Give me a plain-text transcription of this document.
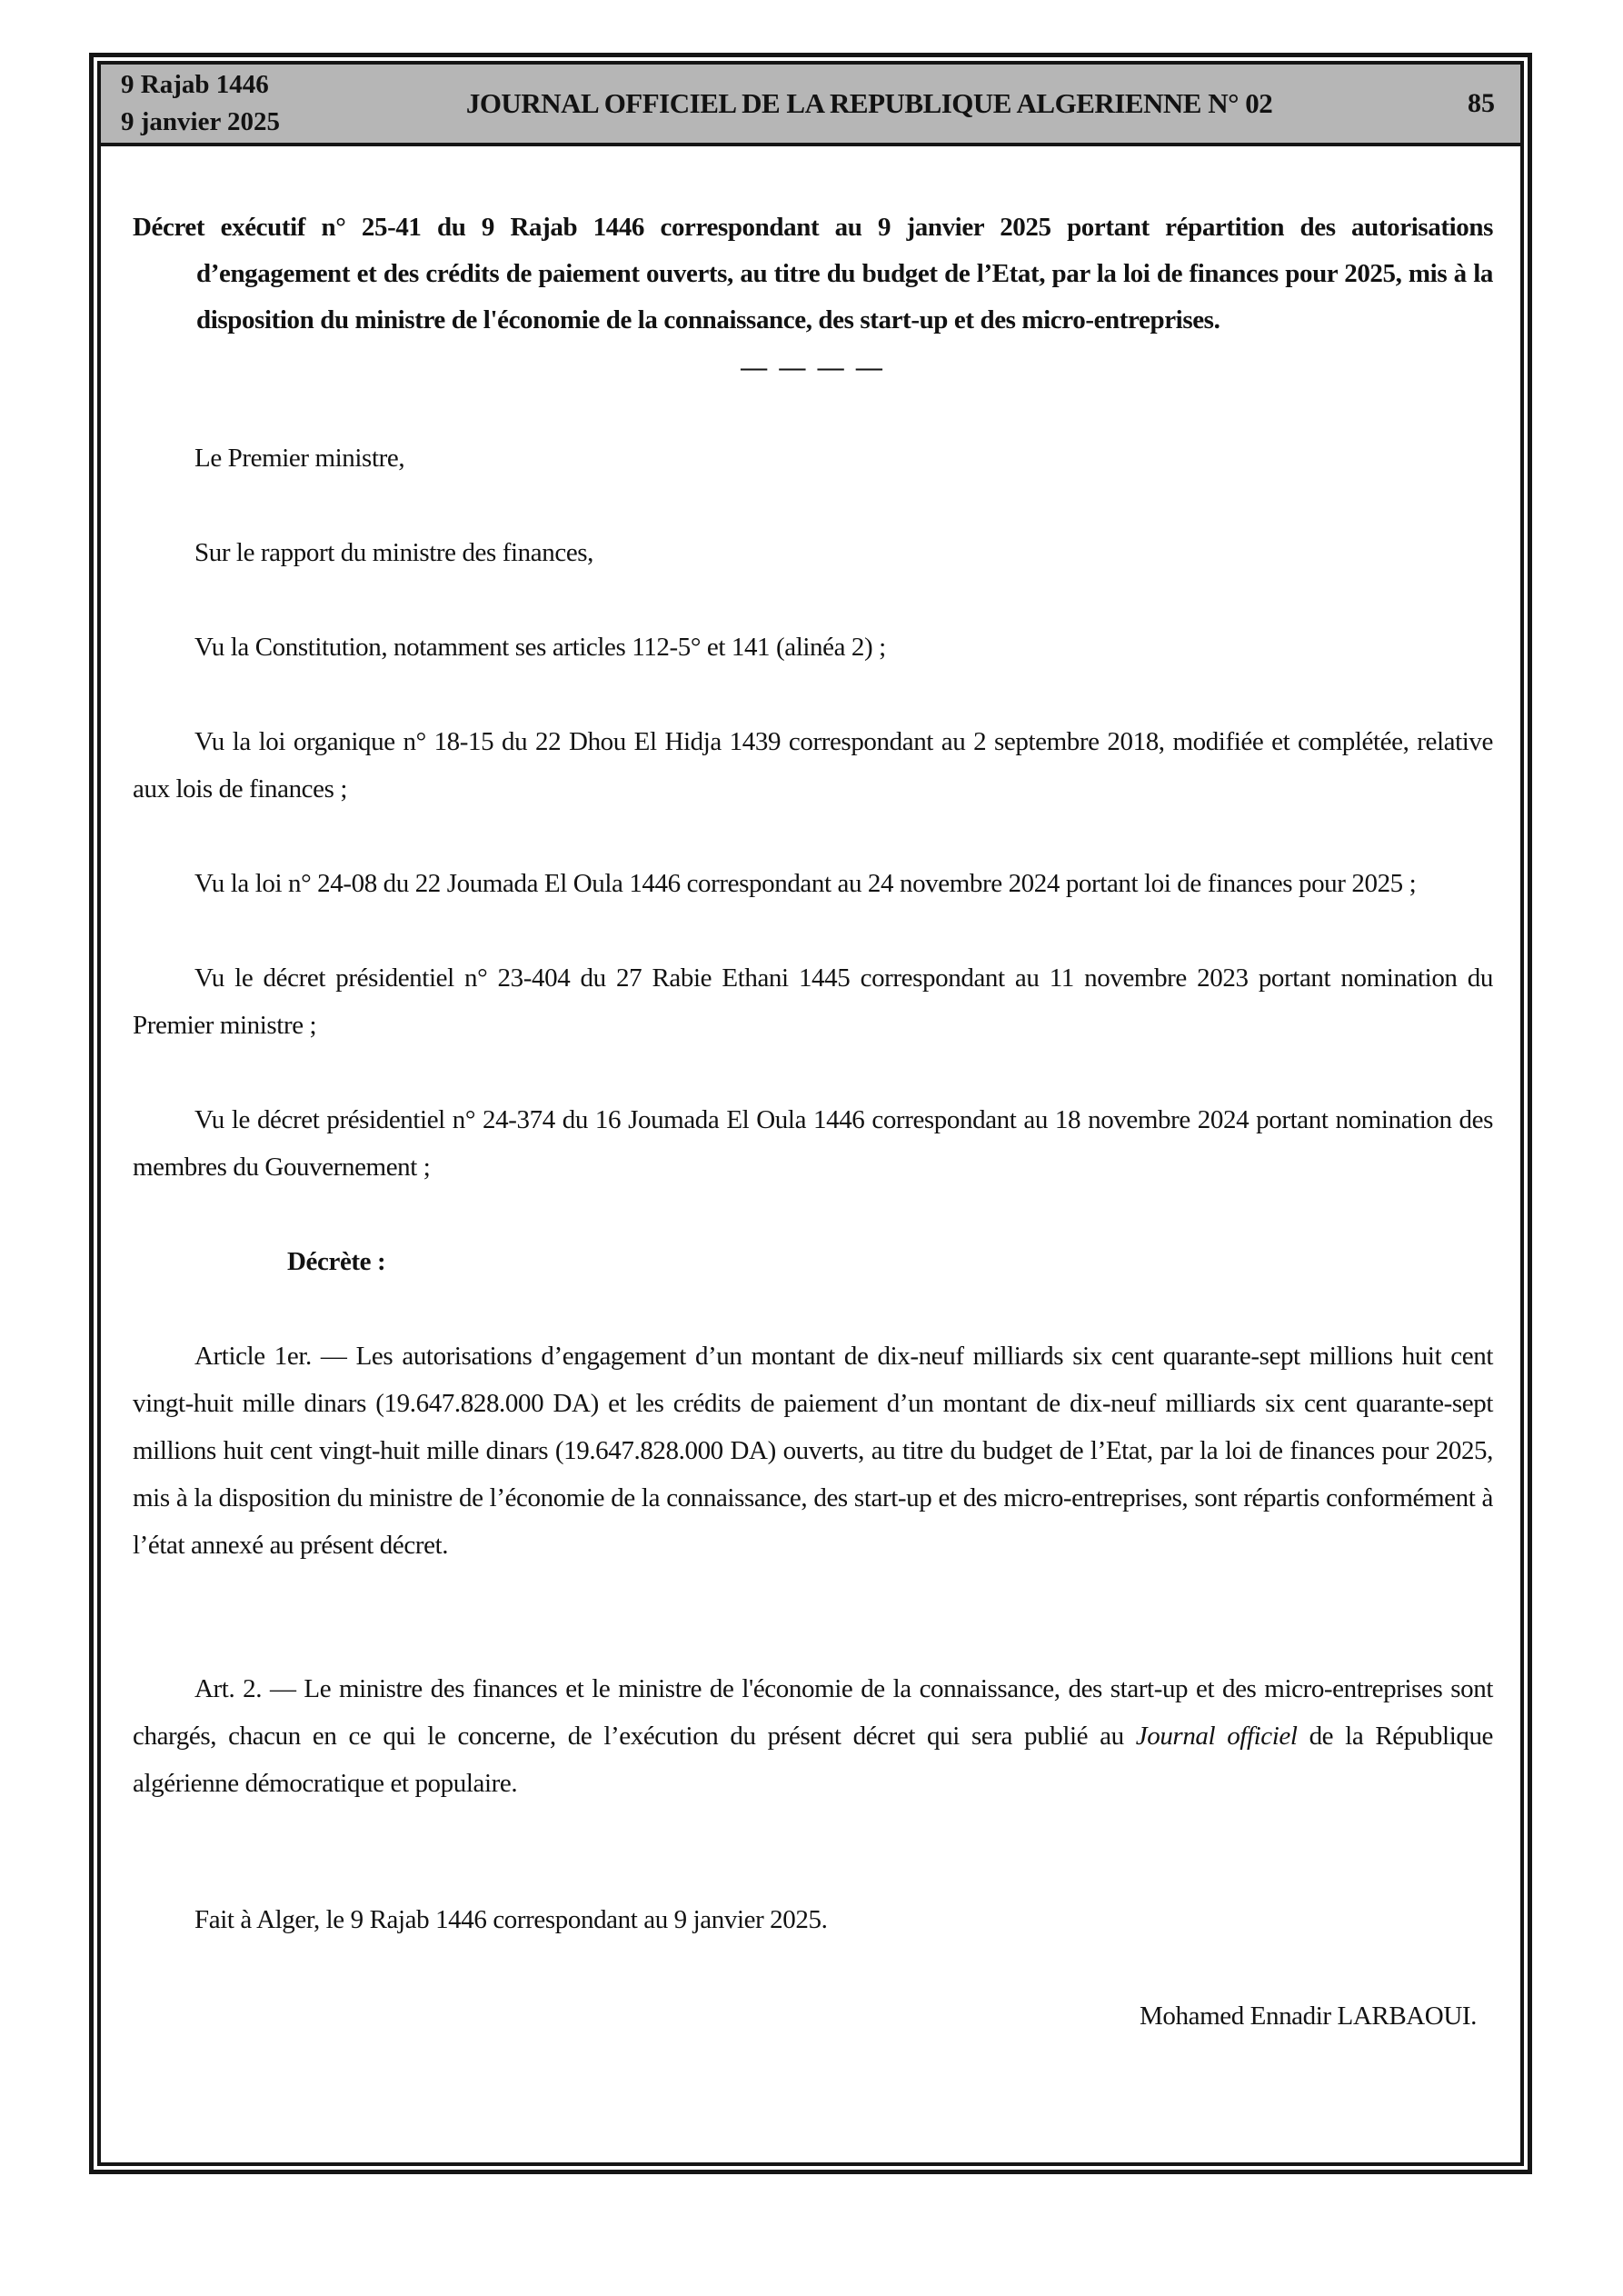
9 Rajab 1446
9 janvier 2025
JOURNAL OFFICIEL DE LA REPUBLIQUE ALGERIENNE N° 02	85

Décret exécutif n° 25-41 du 9 Rajab 1446 correspondant au 9 janvier 2025 portant répartition des autorisations d’engagement et des crédits de paiement ouverts, au titre du budget de l’Etat, par la loi de finances pour 2025, mis à la disposition du ministre de l'économie de la connaissance, des start-up et des micro-entreprises.

— — — —

Le Premier ministre,

Sur le rapport du ministre des finances,

Vu la Constitution, notamment ses articles 112-5° et 141 (alinéa 2) ;

Vu la loi organique n° 18-15 du 22 Dhou El Hidja 1439 correspondant au 2 septembre 2018, modifiée et complétée, relative aux lois de finances ;

Vu la loi n° 24-08 du 22 Joumada El Oula 1446 correspondant au 24 novembre 2024 portant loi de finances pour 2025 ;

Vu le décret présidentiel n° 23-404 du 27 Rabie Ethani 1445 correspondant au 11 novembre 2023 portant nomination du Premier ministre ;

Vu le décret présidentiel n° 24-374 du 16 Joumada El Oula 1446 correspondant au 18 novembre 2024 portant nomination des membres du Gouvernement ;

Décrète :

Article 1er. — Les autorisations d’engagement d’un montant de dix-neuf milliards six cent quarante-sept millions huit cent vingt-huit mille dinars (19.647.828.000 DA) et les crédits de paiement d’un montant de dix-neuf milliards six cent quarante-sept millions huit cent vingt-huit mille dinars (19.647.828.000 DA) ouverts, au titre du budget de l’Etat, par la loi de finances pour 2025, mis à la disposition du ministre de l’économie de la connaissance, des start-up et des micro-entreprises, sont répartis conformément à l’état annexé au présent décret.

Art. 2. — Le ministre des finances et le ministre de l'économie de la connaissance, des start-up et des micro-entreprises sont chargés, chacun en ce qui le concerne, de l’exécution du présent décret qui sera publié au Journal officiel de la République algérienne démocratique et populaire.

Fait à Alger, le 9 Rajab 1446 correspondant au 9 janvier 2025.

Mohamed Ennadir LARBAOUI.
